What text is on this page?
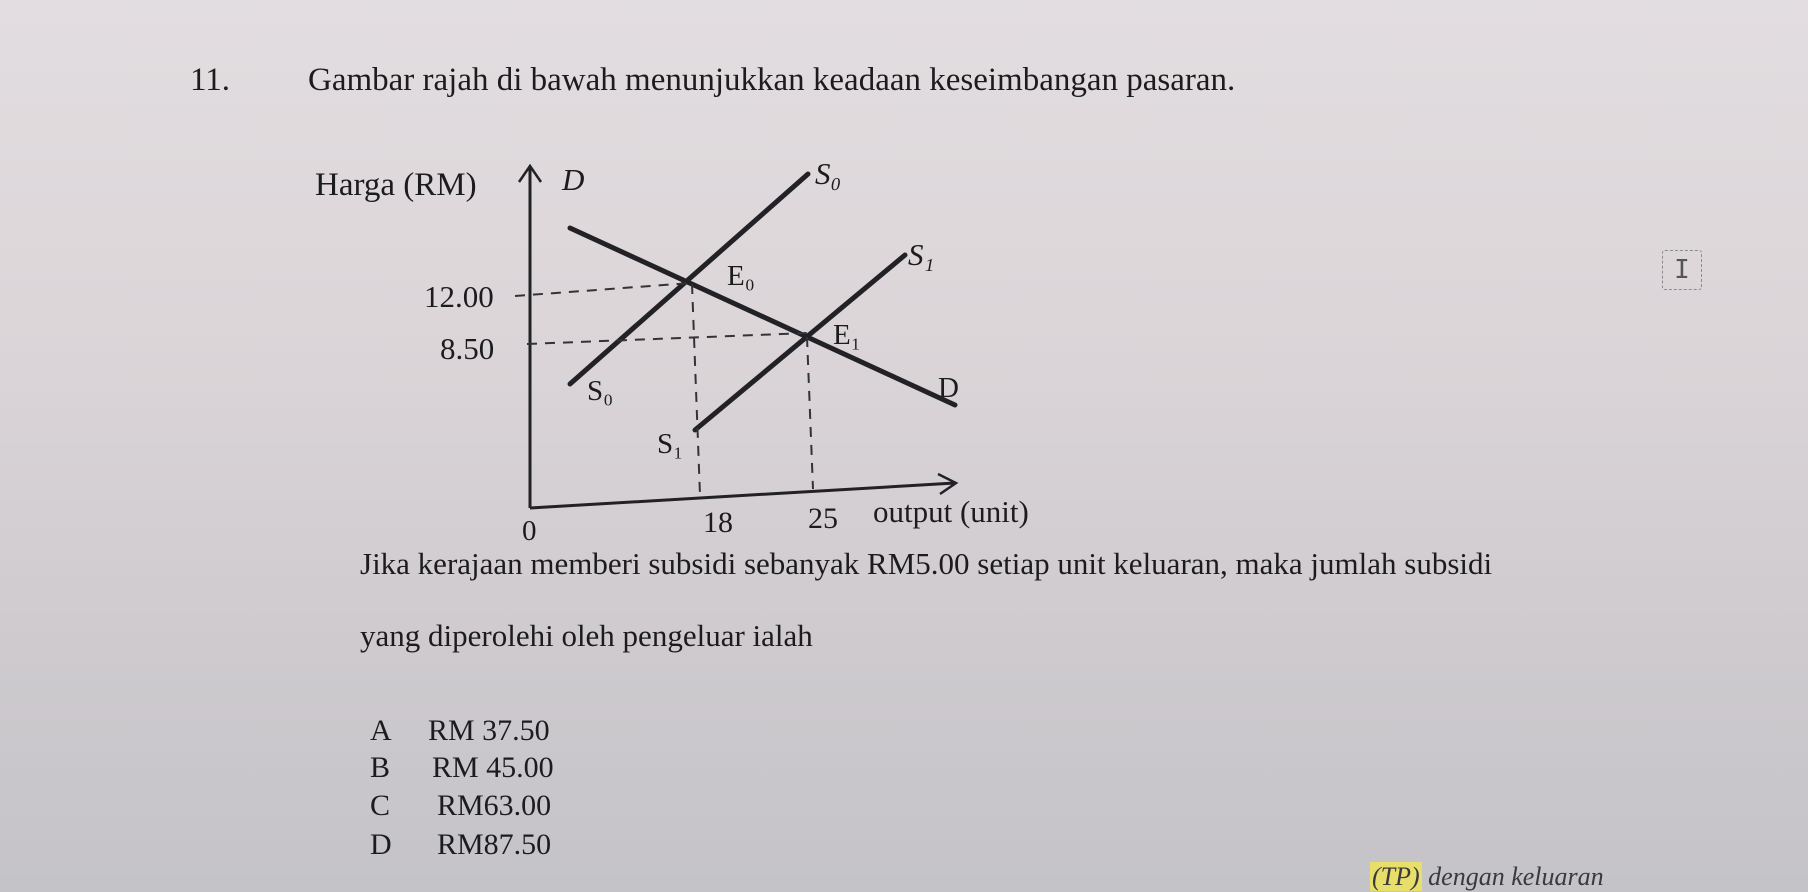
11. Gambar rajah di bawah menunjukkan keadaan keseimbangan pasaran.
Harga (RM)
output (unit)
0
12.00
8.50
18	25
D
D
S₀
S₀
S₁
S₁
E₀
E₁
Jika kerajaan memberi subsidi sebanyak RM5.00 setiap unit keluaran, maka jumlah subsidi
yang diperolehi oleh pengeluar ialah
A RM 37.50
B RM 45.00
C RM63.00
D RM87.50
I
(TP) dengan keluaran
